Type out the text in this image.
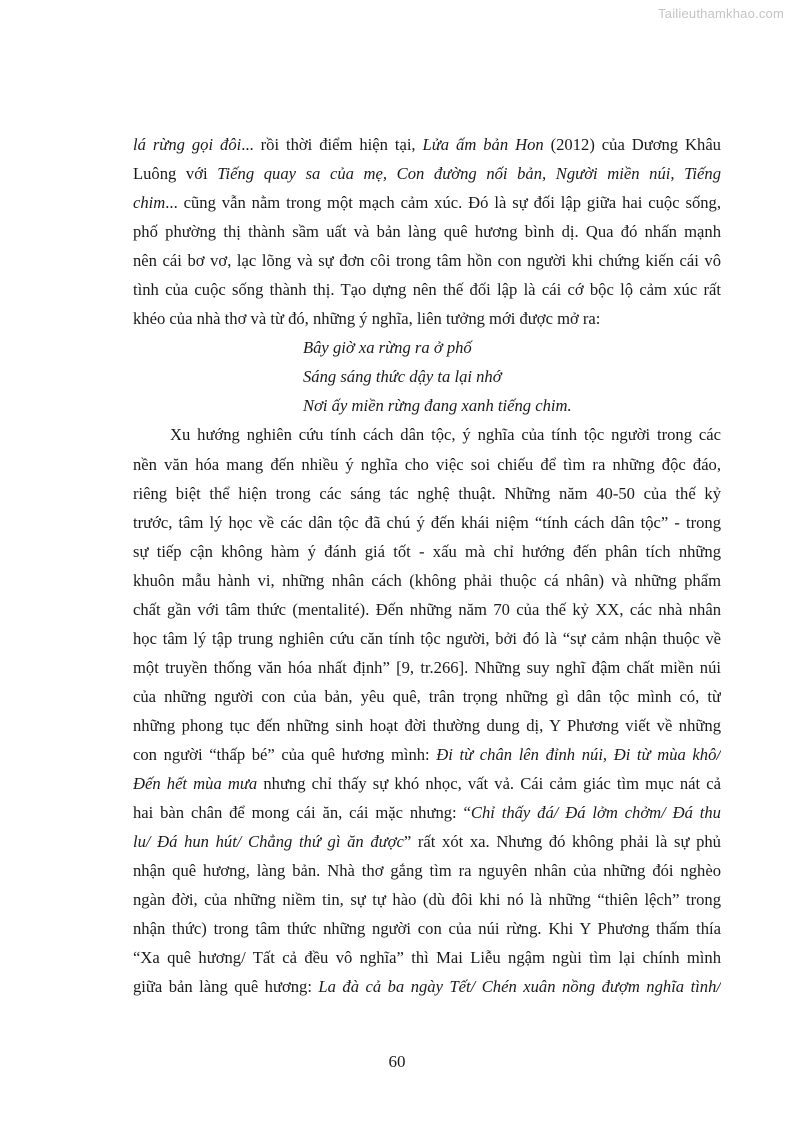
Tailieuthamkhao.com
lá rừng gọi đôi... rồi thời điểm hiện tại, Lửa ấm bản Hon (2012) của Dương Khâu
Luông với Tiếng quay sa của mẹ, Con đường nối bản, Người miền núi, Tiếng
chim... cũng vẫn nằm trong một mạch cảm xúc. Đó là sự đối lập giữa hai cuộc sống,
phố phường thị thành sầm uất và bản làng quê hương bình dị. Qua đó nhấn mạnh
nên cái bơ vơ, lạc lõng và sự đơn côi trong tâm hồn con người khi chứng kiến cái vô
tình của cuộc sống thành thị. Tạo dựng nên thế đối lập là cái cớ bộc lộ cảm xúc rất
khéo của nhà thơ và từ đó, những ý nghĩa, liên tưởng mới được mở ra:
Bây giờ xa rừng ra ở phố
Sáng sáng thức dậy ta lại nhớ
Nơi ấy miền rừng đang xanh tiếng chim.
Xu hướng nghiên cứu tính cách dân tộc, ý nghĩa của tính tộc người trong các
nền văn hóa mang đến nhiều ý nghĩa cho việc soi chiếu để tìm ra những độc đáo,
riêng biệt thể hiện trong các sáng tác nghệ thuật. Những năm 40-50 của thế kỷ
trước, tâm lý học về các dân tộc đã chú ý đến khái niệm “tính cách dân tộc” - trong
sự tiếp cận không hàm ý đánh giá tốt - xấu mà chỉ hướng đến phân tích những
khuôn mẫu hành vi, những nhân cách (không phải thuộc cá nhân) và những phẩm
chất gần với tâm thức (mentalité). Đến những năm 70 của thế kỷ XX, các nhà nhân
học tâm lý tập trung nghiên cứu căn tính tộc người, bởi đó là “sự cảm nhận thuộc về
một truyền thống văn hóa nhất định” [9, tr.266]. Những suy nghĩ đậm chất miền núi
của những người con của bản, yêu quê, trân trọng những gì dân tộc mình có, từ
những phong tục đến những sinh hoạt đời thường dung dị, Y Phương viết về những
con người “thấp bé” của quê hương mình: Đi từ chân lên đỉnh núi, Đi từ mùa khô/
Đến hết mùa mưa nhưng chỉ thấy sự khó nhọc, vất vả. Cái cảm giác tìm mục nát cả
hai bàn chân để mong cái ăn, cái mặc nhưng: “Chỉ thấy đá/ Đá lởm chởm/ Đá thu
lu/ Đá hun hút/ Chẳng thứ gì ăn được” rất xót xa. Nhưng đó không phải là sự phủ
nhận quê hương, làng bản. Nhà thơ gắng tìm ra nguyên nhân của những đói nghèo
ngàn đời, của những niềm tin, sự tự hào (dù đôi khi nó là những “thiên lệch” trong
nhận thức) trong tâm thức những người con của núi rừng. Khi Y Phương thấm thía
“Xa quê hương/ Tất cả đều vô nghĩa” thì Mai Liễu ngậm ngùi tìm lại chính mình
giữa bản làng quê hương: La đà cả ba ngày Tết/ Chén xuân nồng đượm nghĩa tình/
60
